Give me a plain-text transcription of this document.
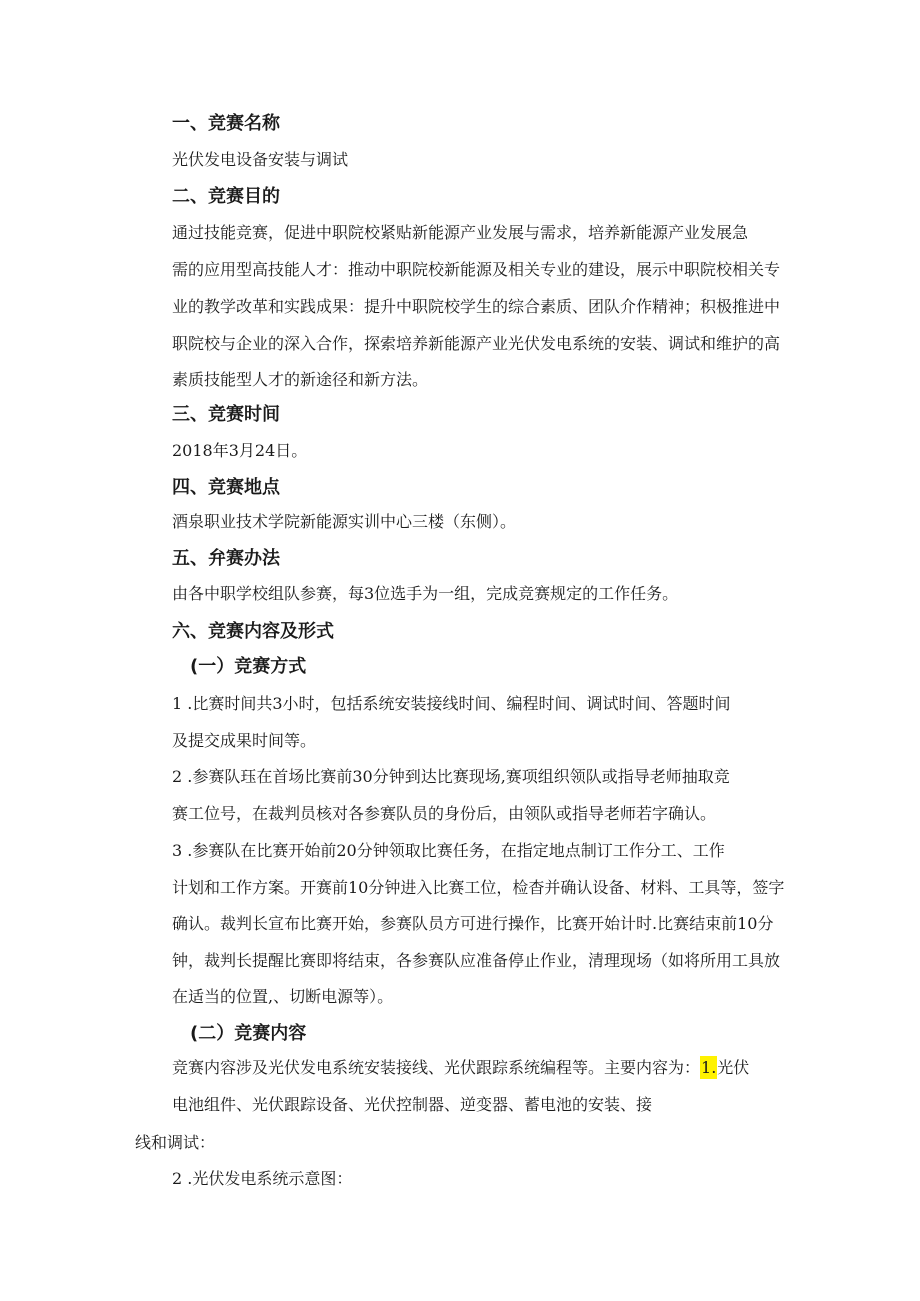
一、竞赛名称
光伏发电设备安装与调试
二、竞赛目的
通过技能竞赛，促进中职院校紧贴新能源产业发展与需求，培养新能源产业发展急
需的应用型高技能人才：推动中职院校新能源及相关专业的建设，展示中职院校相关专
业的教学改革和实践成果：提升中职院校学生的综合素质、团队介作精神；积极推进中
职院校与企业的深入合作，探索培养新能源产业光伏发电系统的安装、调试和维护的高
素质技能型人才的新途径和新方法。
三、竞赛时间
2018年3月24日。
四、竞赛地点
酒泉职业技术学院新能源实训中心三楼（东侧）。
五、弁赛办法
由各中职学校组队参赛，每3位选手为一组，完成竞赛规定的工作任务。
六、竞赛内容及形式
(一）竞赛方式
1 .比赛时间共3小时，包括系统安装接线时间、编程时间、调试时间、答题时间
及提交成果时间等。
2 .参赛队珏在首场比赛前30分钟到达比赛现场,赛项组织领队或指导老师抽取竞
赛工位号，在裁判员核对各参赛队员的身份后，由领队或指导老师若字确认。
3 .参赛队在比赛开始前20分钟领取比赛任务，在指定地点制订工作分工、工作
计划和工作方案。开赛前10分钟进入比赛工位，检杳并确认设备、材料、工具等，签字
确认。裁判长宣布比赛开始，参赛队员方可进行操作，比赛开始计时.比赛结束前10分
钟，裁判长提醒比赛即将结束，各参赛队应准备停止作业，清理现场（如将所用工具放
在适当的位置,、切断电源等）。
(二）竞赛内容
竞赛内容涉及光伏发电系统安装接线、光伏跟踪系统编程等。主要内容为：1.光伏
电池组件、光伏跟踪设备、光伏控制器、逆变器、蓄电池的安装、接
线和调试：
2 .光伏发电系统示意图：
